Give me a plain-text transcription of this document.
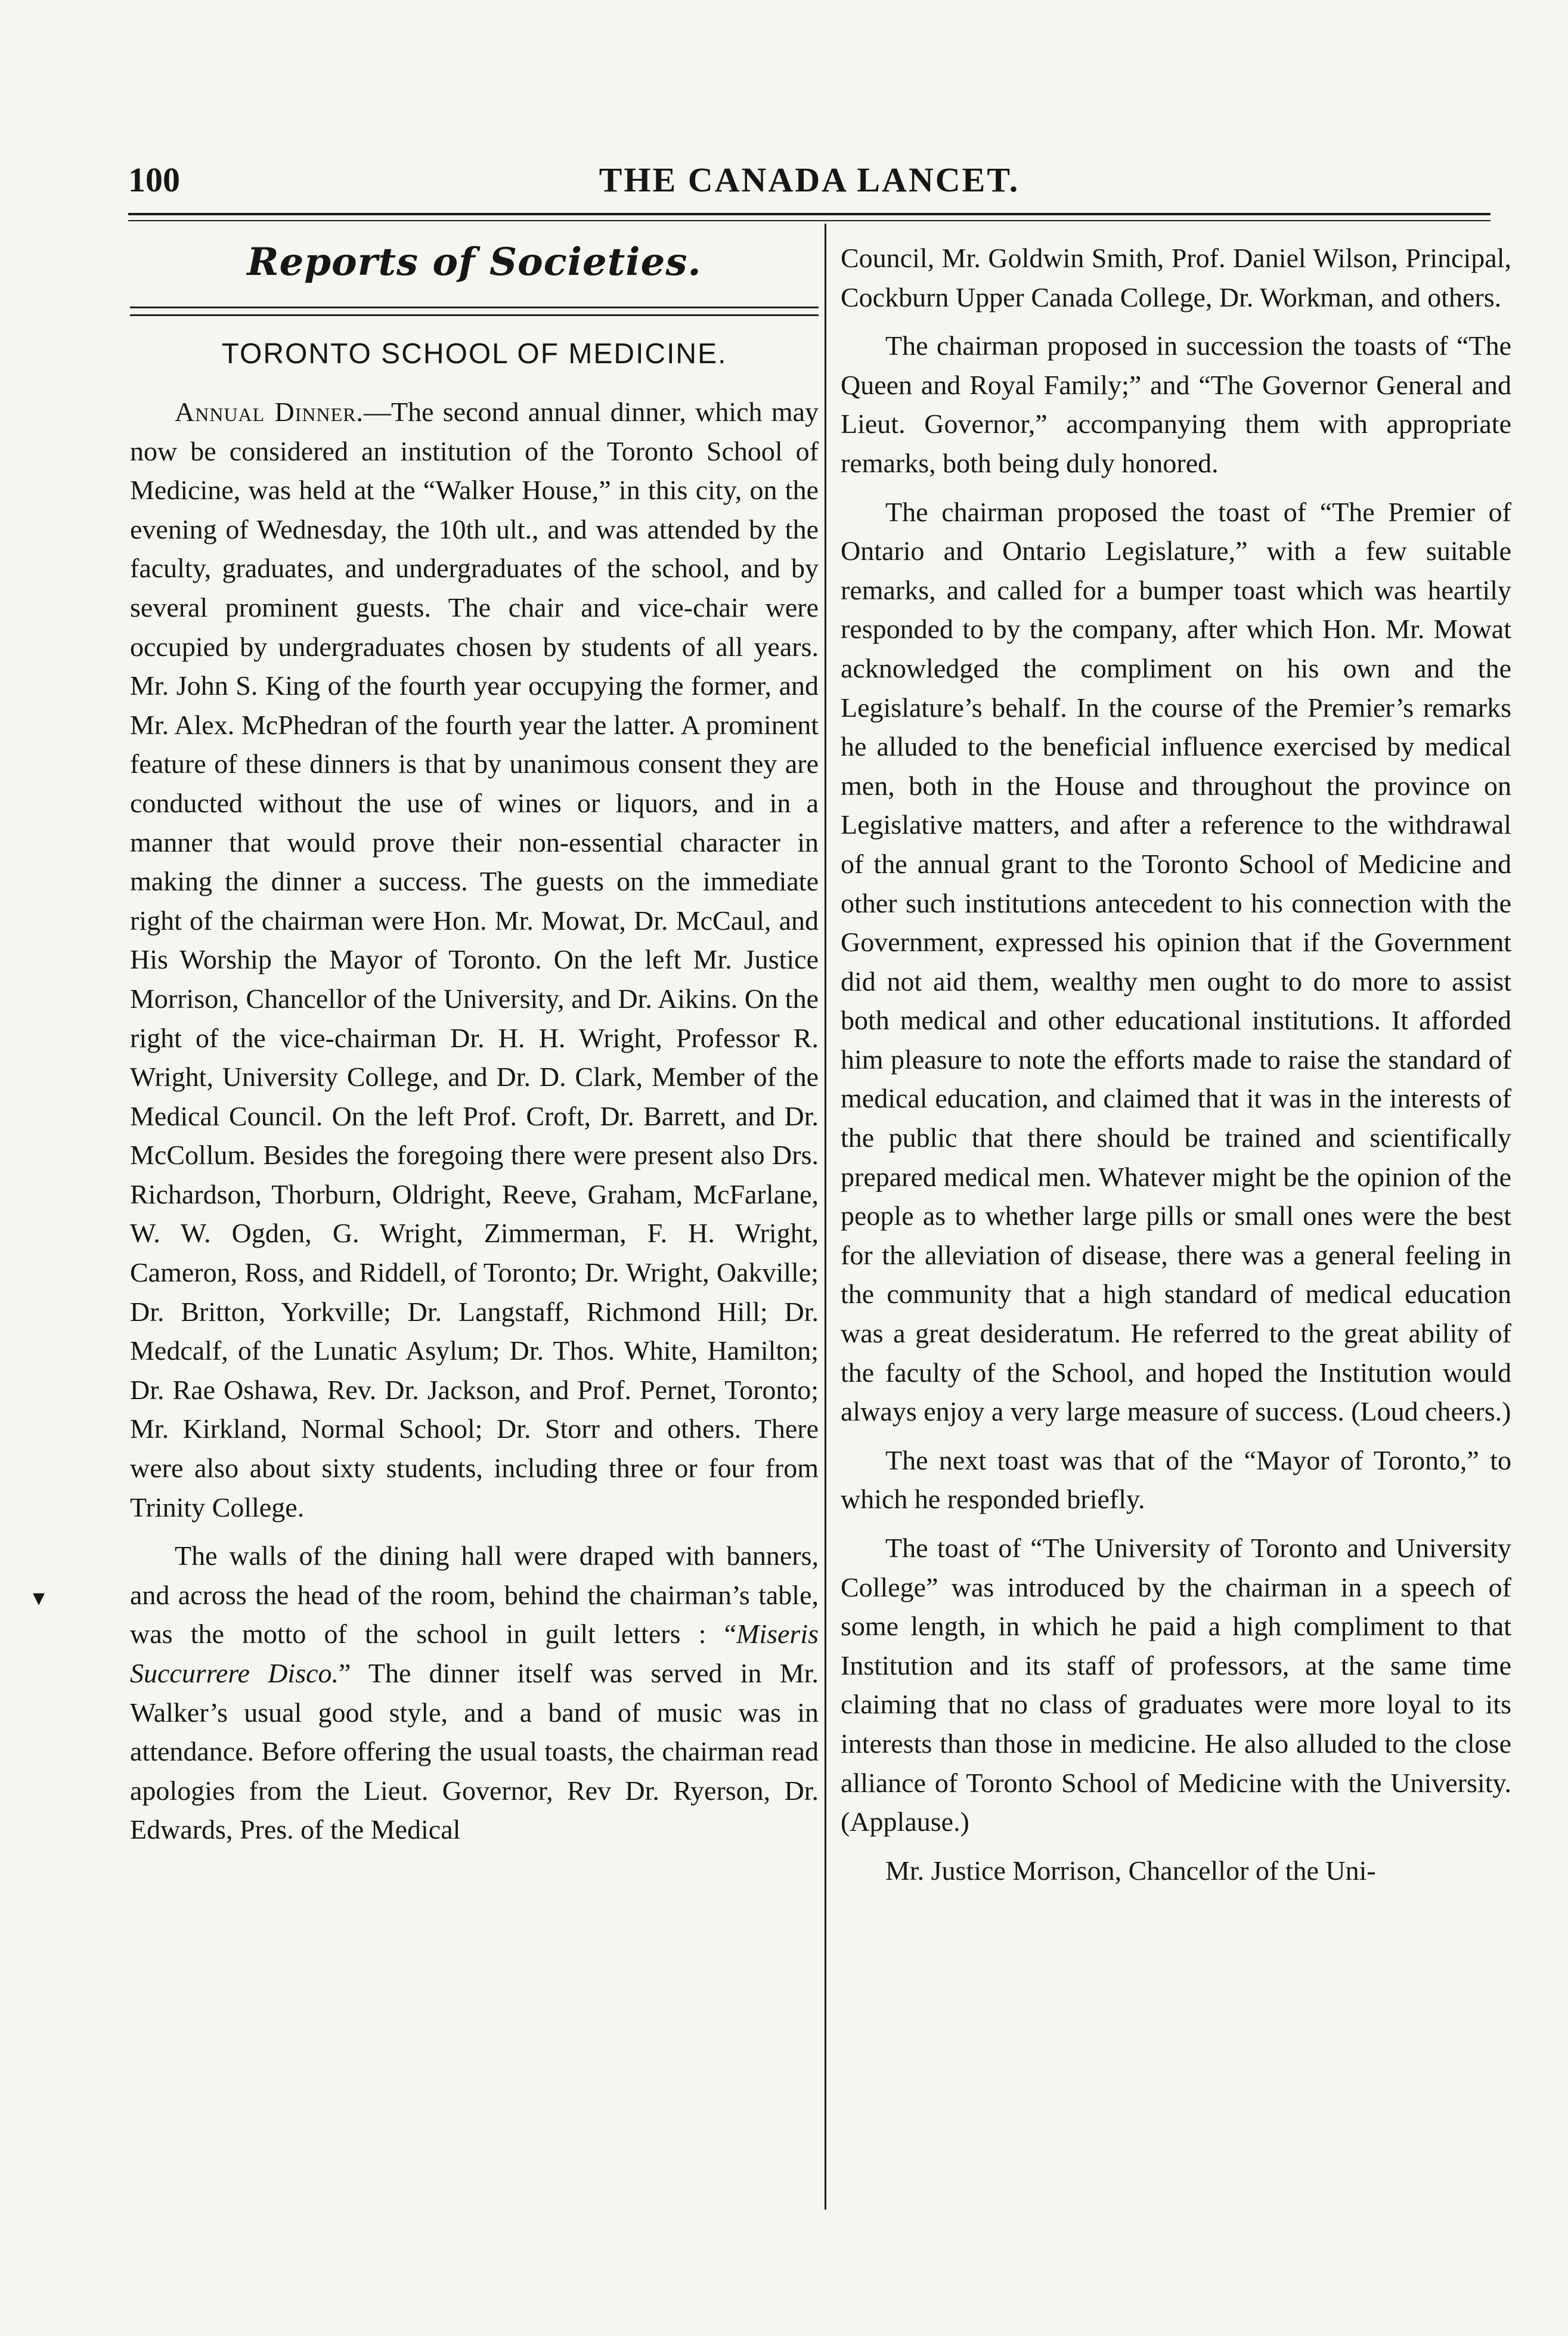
100	THE CANADA LANCET.
Reports of Societies.
TORONTO SCHOOL OF MEDICINE.

Annual Dinner.—The second annual dinner, which may now be considered an institution of the Toronto School of Medicine, was held at the “Walker House,” in this city, on the evening of Wednesday, the 10th ult., and was attended by the faculty, graduates, and undergraduates of the school, and by several prominent guests. The chair and vice-chair were occupied by undergraduates chosen by students of all years. Mr. John S. King of the fourth year occupying the former, and Mr. Alex. McPhedran of the fourth year the latter. A prominent feature of these dinners is that by unanimous consent they are conducted without the use of wines or liquors, and in a manner that would prove their non-essential character in making the dinner a success. The guests on the immediate right of the chairman were Hon. Mr. Mowat, Dr. McCaul, and His Worship the Mayor of Toronto. On the left Mr. Justice Morrison, Chancellor of the University, and Dr. Aikins. On the right of the vice-chairman Dr. H. H. Wright, Professor R. Wright, University College, and Dr. D. Clark, Member of the Medical Council. On the left Prof. Croft, Dr. Barrett, and Dr. McCollum. Besides the foregoing there were present also Drs. Richardson, Thorburn, Oldright, Reeve, Graham, McFarlane, W. W. Ogden, G. Wright, Zimmerman, F. H. Wright, Cameron, Ross, and Riddell, of Toronto; Dr. Wright, Oakville; Dr. Britton, Yorkville; Dr. Langstaff, Richmond Hill; Dr. Medcalf, of the Lunatic Asylum; Dr. Thos. White, Hamilton; Dr. Rae Oshawa, Rev. Dr. Jackson, and Prof. Pernet, Toronto; Mr. Kirkland, Normal School; Dr. Storr and others. There were also about sixty students, including three or four from Trinity College.

The walls of the dining hall were draped with banners, and across the head of the room, behind the chairman’s table, was the motto of the school in guilt letters : “Miseris Succurrere Disco.” The dinner itself was served in Mr. Walker’s usual good style, and a band of music was in attendance. Before offering the usual toasts, the chairman read apologies from the Lieut. Governor, Rev Dr. Ryerson, Dr. Edwards, Pres. of the Medical

Council, Mr. Goldwin Smith, Prof. Daniel Wilson, Principal, Cockburn Upper Canada College, Dr. Workman, and others.

The chairman proposed in succession the toasts of “The Queen and Royal Family;” and “The Governor General and Lieut. Governor,” accompanying them with appropriate remarks, both being duly honored.

The chairman proposed the toast of “The Premier of Ontario and Ontario Legislature,” with a few suitable remarks, and called for a bumper toast which was heartily responded to by the company, after which Hon. Mr. Mowat acknowledged the compliment on his own and the Legislature’s behalf. In the course of the Premier’s remarks he alluded to the beneficial influence exercised by medical men, both in the House and throughout the province on Legislative matters, and after a reference to the withdrawal of the annual grant to the Toronto School of Medicine and other such institutions antecedent to his connection with the Government, expressed his opinion that if the Government did not aid them, wealthy men ought to do more to assist both medical and other educational institutions. It afforded him pleasure to note the efforts made to raise the standard of medical education, and claimed that it was in the interests of the public that there should be trained and scientifically prepared medical men. Whatever might be the opinion of the people as to whether large pills or small ones were the best for the alleviation of disease, there was a general feeling in the community that a high standard of medical education was a great desideratum. He referred to the great ability of the faculty of the School, and hoped the Institution would always enjoy a very large measure of success. (Loud cheers.)

The next toast was that of the “Mayor of Toronto,” to which he responded briefly.

The toast of “The University of Toronto and University College” was introduced by the chairman in a speech of some length, in which he paid a high compliment to that Institution and its staff of professors, at the same time claiming that no class of graduates were more loyal to its interests than those in medicine. He also alluded to the close alliance of Toronto School of Medicine with the University. (Applause.)

Mr. Justice Morrison, Chancellor of the Uni-

▾
